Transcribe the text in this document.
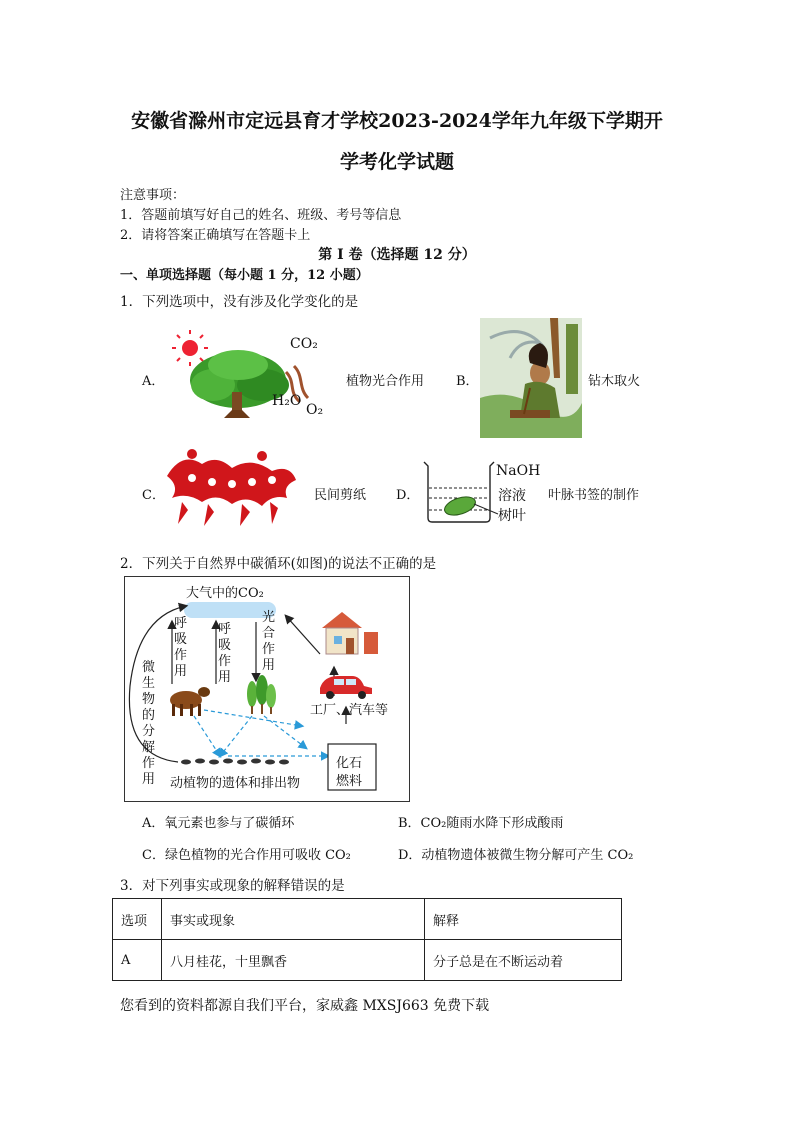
安徽省滁州市定远县育才学校2023-2024学年九年级下学期开
学考化学试题
注意事项：
1．答题前填写好自己的姓名、班级、考号等信息
2．请将答案正确填写在答题卡上
第 I 卷（选择题 12 分）
一、单项选择题（每小题 1 分，12 小题）
1．下列选项中，没有涉及化学变化的是
A．
CO₂
H₂O
O₂
植物光合作用 B．	钻木取火
C．	民间剪纸 D．
NaOH
溶液
树叶
叶脉书签的制作
2．下列关于自然界中碳循环(如图)的说法不正确的是
大气中的CO₂
呼吸作用
呼吸作用
光合作用
微生物的分解作用
工厂、汽车等
动植物的遗体和排出物
化石
燃料
A．氧元素也参与了碳循环	B．CO₂随雨水降下形成酸雨
C．绿色植物的光合作用可吸收 CO₂	D．动植物遗体被微生物分解可产生 CO₂
3．对下列事实或现象的解释错误的是
选项	事实或现象	解释
A	八月桂花，十里飘香	分子总是在不断运动着
您看到的资料都源自我们平台，家威鑫 MXSJ663 免费下载
